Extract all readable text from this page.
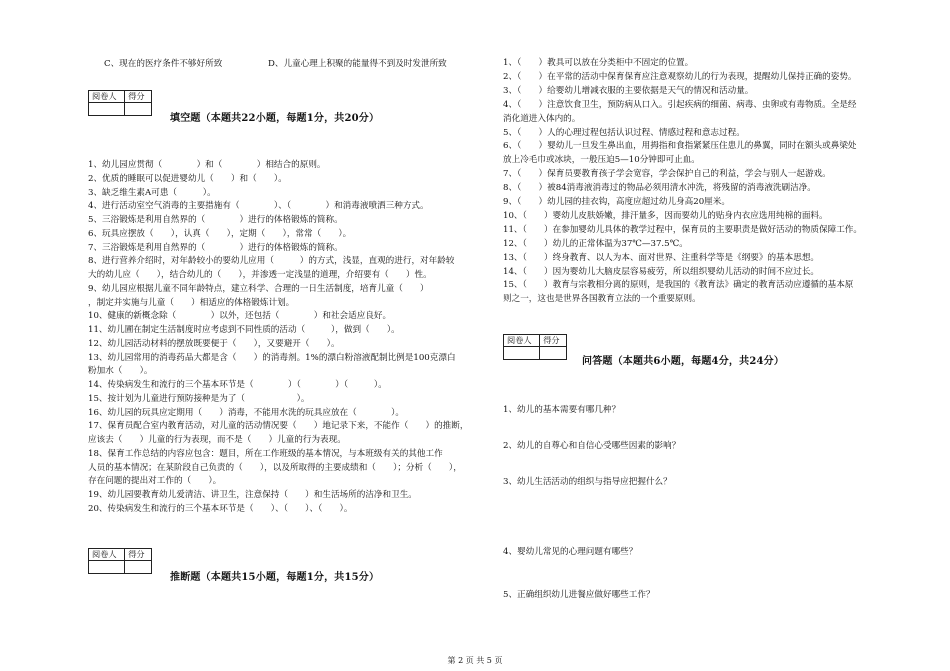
C、现在的医疗条件不够好所致	D、儿童心理上积聚的能量得不到及时发泄所致
阅卷人	得分

填空题（本题共22小题，每题1分，共20分）
1、幼儿园应贯彻（　　　　）和（　　　　）相结合的原则。
2、优质的睡眠可以促进婴幼儿（　　）和（　　）。
3、缺乏维生素A可患（　　　）。
4、进行活动室空气消毒的主要措施有（　　　　）、（　　　　）和消毒液喷洒三种方式。
5、三浴锻炼是利用自然界的（　　　　）进行的体格锻炼的简称。
6、玩具应摆放（　　），认真（　　），定期（　　），常常（　　）。
7、三浴锻炼是利用自然界的（　　　　）进行的体格锻炼的简称。
8、进行营养介绍时，对年龄较小的要幼儿应用（　　　）的方式，浅显，直观的进行，对年龄较
大的幼儿应（　　），结合幼儿的（　　），并渗透一定浅显的道理，介绍要有（　　）性。
9、幼儿园应根据儿童不同年龄特点，建立科学、合理的一日生活制度，培育儿童（　　）
，制定并实施与儿童（　　）相适应的体格锻炼计划。
10、健康的新概念除（　　　　）以外，还包括（　　　　）和社会适应良好。
11、幼儿圃在制定生活制度时应考虑到不同性质的活动（　　　），做到（　　）。
12、幼儿园活动材料的摆放既要便于（　　），又要避开（　　）。
13、幼儿园常用的消毒药品大都是含（　　）的消毒剂。1%的漂白粉溶液配制比例是100克漂白
粉加水（　　）。
14、传染病发生和流行的三个基本环节是（　　　　）（　　　　）（　　　）。
15、按计划为儿童进行预防接种是为了（　　　　　　）。
16、幼儿园的玩具应定期用（　　）消毒，不能用水洗的玩具应放在（　　　　）。
17、保育员配合室内教育活动，对儿童的活动情况要（　　）地记录下来，不能作（　　）的推断，
应该去（　　）儿童的行为表现，而不是（　　）儿童的行为表现。
18、保育工作总结的内容应包含：题目，所在工作班级的基本情况，与本班级有关的其他工作
人员的基本情况；在某阶段自己负责的（　　），以及所取得的主要成绩和（　　）；分析（　　），
存在问题的提出对工作的（　　）。
19、幼儿园要教育幼儿爱清洁、讲卫生，注意保持（　　）和生活场所的洁净和卫生。
20、传染病发生和流行的三个基本环节是（　　）、（　　）、（　　）。
阅卷人	得分

推断题（本题共15小题，每题1分，共15分）
1、（　　）教具可以放在分类柜中不固定的位置。
2、（　　）在平常的活动中保育保育应注意观察幼儿的行为表现，提醒幼儿保持正确的姿势。
3、（　　）给婴幼儿增减衣服的主要依据是天气的情况和活动量。
4、（　　）注意饮食卫生，预防病从口入。引起疾病的细菌、病毒、虫卵或有毒物质。全是经
消化道进入体内的。
5、（　　）人的心理过程包括认识过程、情感过程和意志过程。
6、（　　）婴幼儿一旦发生鼻出血，用拇指和食指紧紧压住患儿的鼻翼，同时在额头或鼻梁处
放上冷毛巾或冰块，一般压迫5—10分钟即可止血。
7、（　　）保育员要教育孩子学会宽容，学会保护自己的利益，学会与别人一起游戏。
8、（　　）被84消毒液消毒过的物品必须用清水冲洗，将残留的消毒液洗刷洁净。
9、（　　）幼儿园的挂衣钩，高度应超过幼儿身高20厘米。
10、（　　）婴幼儿皮肤娇嫩，排汗量多，因而要幼儿的贴身内衣应选用纯棉的面料。
11、（　　）在参加婴幼儿具体的教学过程中，保育员的主要职责是做好活动的物质保障工作。
12、（　　）幼儿的正常体温为37℃—37.5℃。
13、（　　）终身教育、以人为本、面对世界、注重科学等是《纲要》的基本思想。
14、（　　）因为婴幼儿大脑皮层容易疲劳，所以组织婴幼儿活动的时间不应过长。
15、（　　）教育与宗教相分离的原则，是我国的《教育法》确定的教育活动应遵循的基本原
则之一，这也是世界各国教育立法的一个重要原则。
阅卷人	得分

问答题（本题共6小题，每题4分，共24分）
1、幼儿的基本需要有哪几种？
2、幼儿的自尊心和自信心受哪些因素的影响？
3、幼儿生活活动的组织与指导应把握什么？
4、婴幼儿常见的心理问题有哪些？
5、正确组织幼儿进餐应做好哪些工作？
第 2 页 共 5 页
